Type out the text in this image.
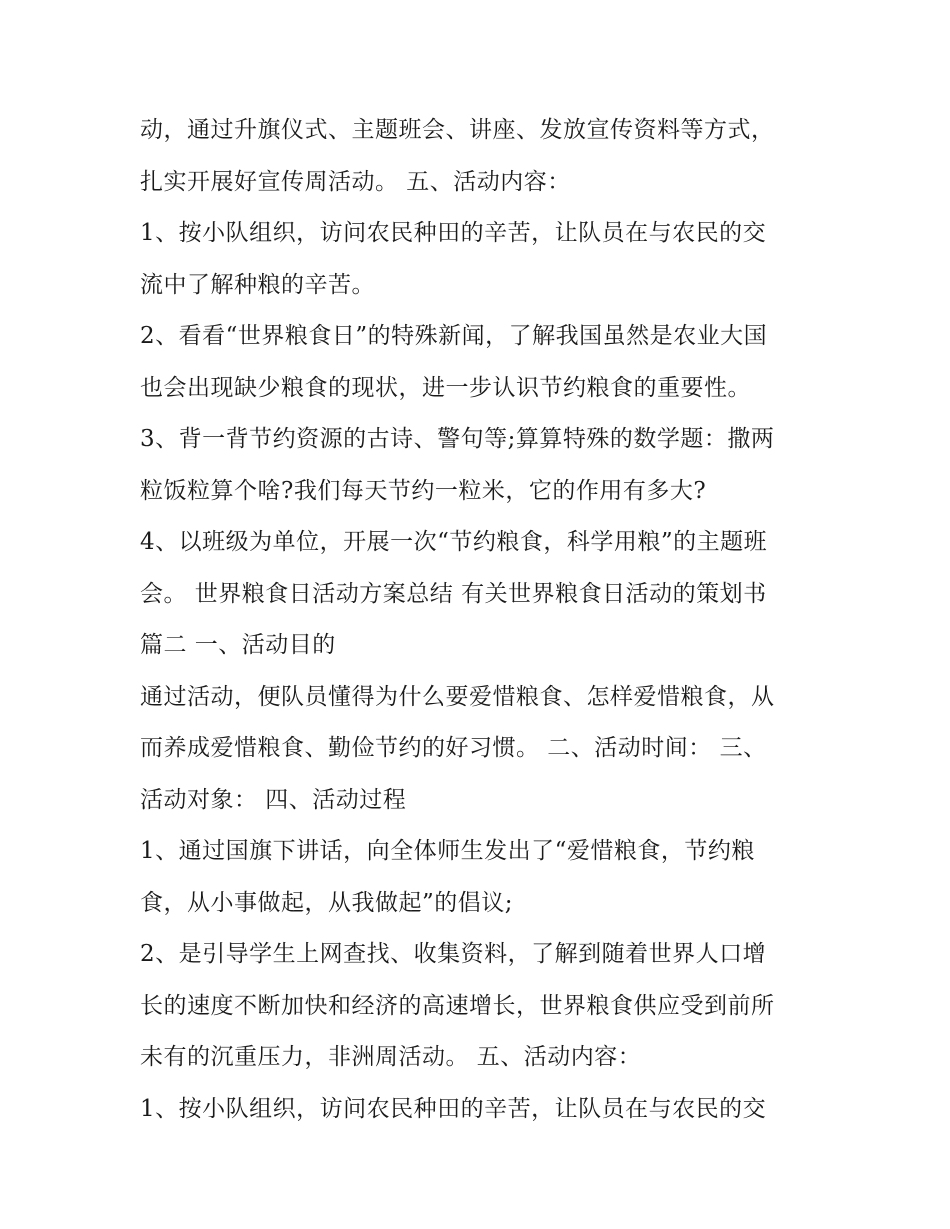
动，通过升旗仪式、主题班会、讲座、发放宣传资料等方式，
扎实开展好宣传周活动。 五、活动内容：
1、按小队组织，访问农民种田的辛苦，让队员在与农民的交
流中了解种粮的辛苦。
2、看看“世界粮食日”的特殊新闻，了解我国虽然是农业大国
也会出现缺少粮食的现状，进一步认识节约粮食的重要性。
3、背一背节约资源的古诗、警句等;算算特殊的数学题：撒两
粒饭粒算个啥?我们每天节约一粒米，它的作用有多大?
4、以班级为单位，开展一次“节约粮食，科学用粮”的主题班
会。 世界粮食日活动方案总结 有关世界粮食日活动的策划书
篇二 一、活动目的
通过活动，便队员懂得为什么要爱惜粮食、怎样爱惜粮食，从
而养成爱惜粮食、勤俭节约的好习惯。 二、活动时间： 三、
活动对象： 四、活动过程
1、通过国旗下讲话，向全体师生发出了“爱惜粮食，节约粮
食，从小事做起，从我做起”的倡议;
2、是引导学生上网查找、收集资料，了解到随着世界人口增
长的速度不断加快和经济的高速增长，世界粮食供应受到前所
未有的沉重压力，非洲周活动。 五、活动内容：
1、按小队组织，访问农民种田的辛苦，让队员在与农民的交
